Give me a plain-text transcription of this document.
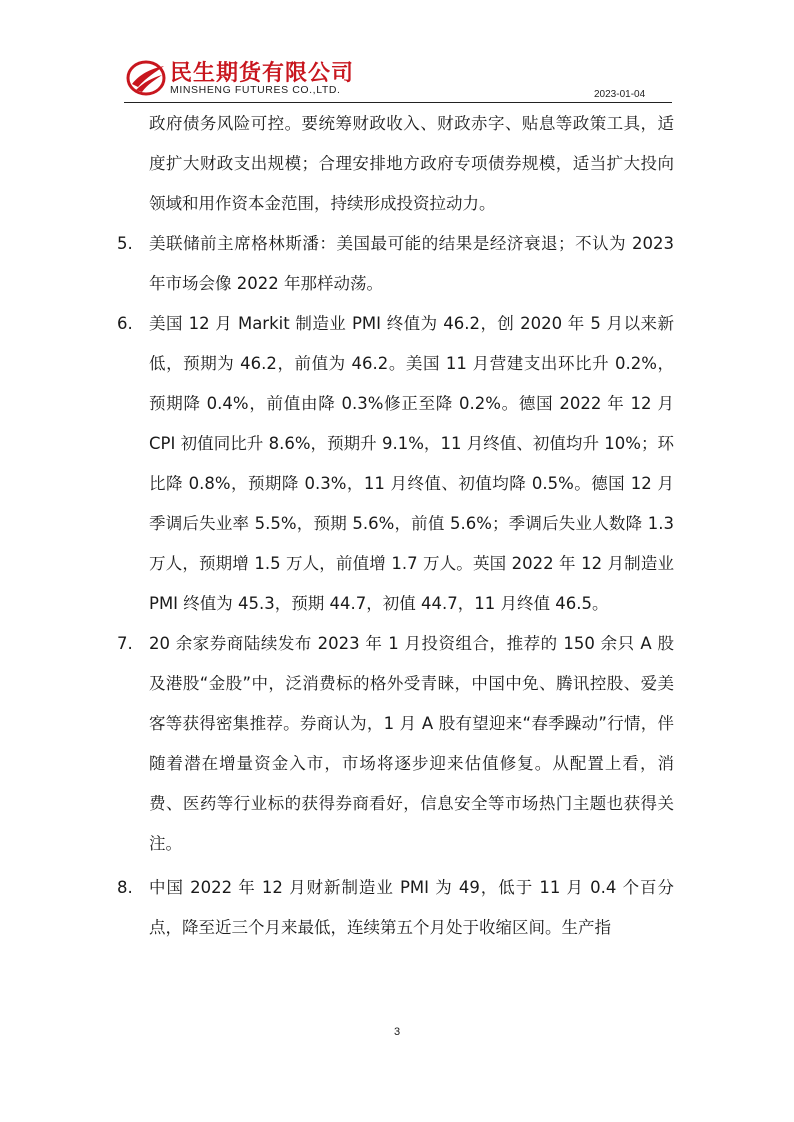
民生期货有限公司
MINSHENG FUTURES CO.,LTD.	2023-01-04
政府债务风险可控。要统筹财政收入、财政赤字、贴息等政策工具，适度扩大财政支出规模；合理安排地方政府专项债券规模，适当扩大投向领域和用作资本金范围，持续形成投资拉动力。
5. 美联储前主席格林斯潘：美国最可能的结果是经济衰退；不认为 2023 年市场会像 2022 年那样动荡。
6. 美国 12 月 Markit 制造业 PMI 终值为 46.2，创 2020 年 5 月以来新低，预期为 46.2，前值为 46.2。美国 11 月营建支出环比升 0.2%，预期降 0.4%，前值由降 0.3%修正至降 0.2%。德国 2022 年 12 月 CPI 初值同比升 8.6%，预期升 9.1%，11 月终值、初值均升 10%；环比降 0.8%，预期降 0.3%，11 月终值、初值均降 0.5%。德国 12 月季调后失业率 5.5%，预期 5.6%，前值 5.6%；季调后失业人数降 1.3 万人，预期增 1.5 万人，前值增 1.7 万人。英国 2022 年 12 月制造业 PMI 终值为 45.3，预期 44.7，初值 44.7，11 月终值 46.5。
7. 20 余家券商陆续发布 2023 年 1 月投资组合，推荐的 150 余只 A 股及港股“金股”中，泛消费标的格外受青睐，中国中免、腾讯控股、爱美客等获得密集推荐。券商认为，1 月 A 股有望迎来“春季躁动”行情，伴随着潜在增量资金入市，市场将逐步迎来估值修复。从配置上看，消费、医药等行业标的获得券商看好，信息安全等市场热门主题也获得关注。
8. 中国 2022 年 12 月财新制造业 PMI 为 49，低于 11 月 0.4 个百分点，降至近三个月来最低，连续第五个月处于收缩区间。生产指
3
